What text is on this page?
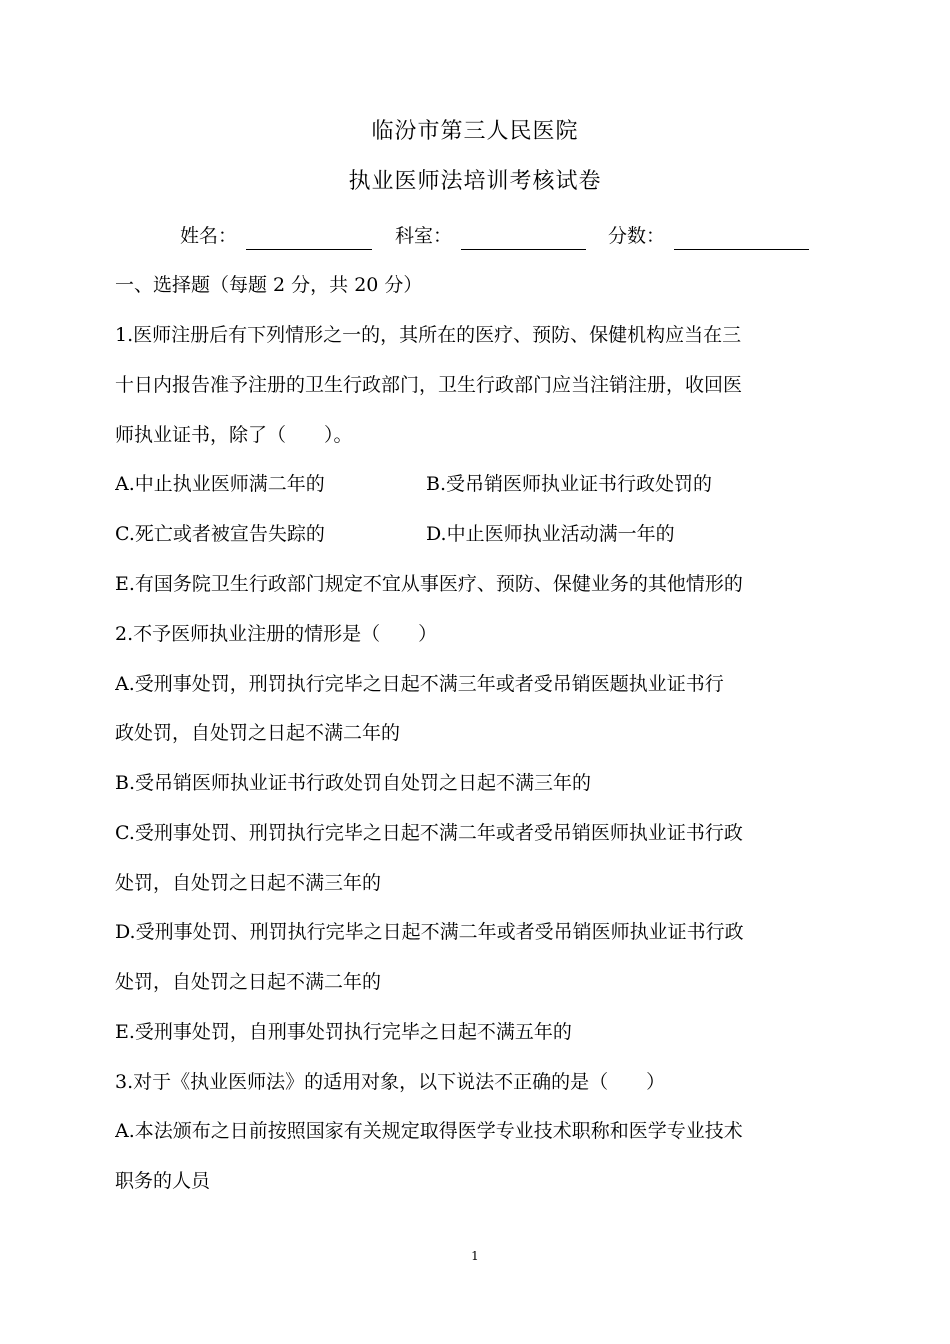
临汾市第三人民医院
执业医师法培训考核试卷
姓名：	科室：	分数：
一、选择题（每题 2 分，共 20 分）
1.医师注册后有下列情形之一的，其所在的医疗、预防、保健机构应当在三
十日内报告准予注册的卫生行政部门，卫生行政部门应当注销注册，收回医
师执业证书，除了（　　）。
A.中止执业医师满二年的	B.受吊销医师执业证书行政处罚的
C.死亡或者被宣告失踪的	D.中止医师执业活动满一年的
E.有国务院卫生行政部门规定不宜从事医疗、预防、保健业务的其他情形的
2.不予医师执业注册的情形是（　　）
A.受刑事处罚，刑罚执行完毕之日起不满三年或者受吊销医题执业证书行
政处罚，自处罚之日起不满二年的
B.受吊销医师执业证书行政处罚自处罚之日起不满三年的
C.受刑事处罚、刑罚执行完毕之日起不满二年或者受吊销医师执业证书行政
处罚，自处罚之日起不满三年的
D.受刑事处罚、刑罚执行完毕之日起不满二年或者受吊销医师执业证书行政
处罚，自处罚之日起不满二年的
E.受刑事处罚，自刑事处罚执行完毕之日起不满五年的
3.对于《执业医师法》的适用对象，以下说法不正确的是（　　）
A.本法颁布之日前按照国家有关规定取得医学专业技术职称和医学专业技术
职务的人员
1
